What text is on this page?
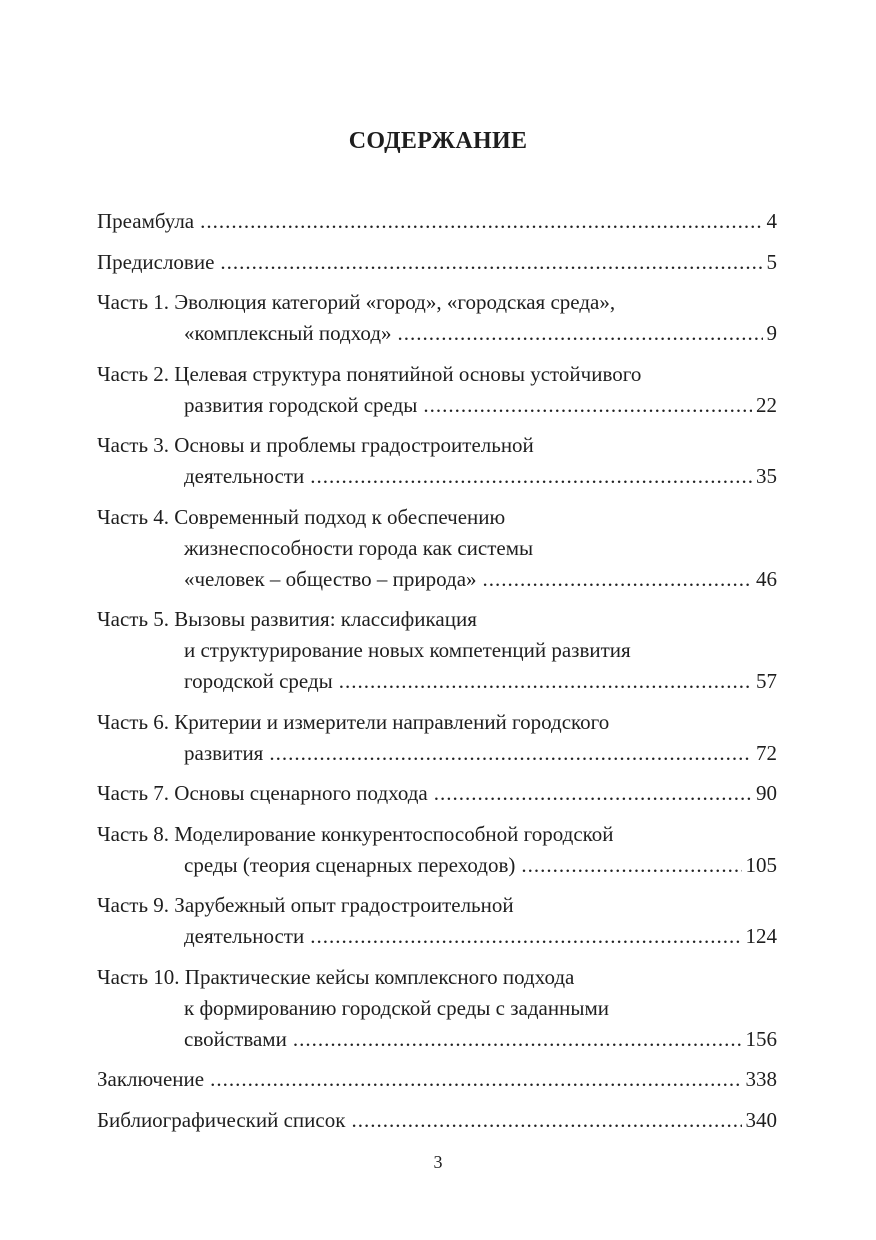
СОДЕРЖАНИЕ
Преамбула .....	4
Предисловие .....	5
Часть 1. Эволюция категорий «город», «городская среда»,
«комплексный подход» .....	9
Часть 2. Целевая структура понятийной основы устойчивого
развития городской среды .....	22
Часть 3. Основы и проблемы градостроительной
деятельности .....	35
Часть 4. Современный подход к обеспечению
жизнеспособности города как системы
«человек – общество – природа» .....	46
Часть 5. Вызовы развития: классификация
и структурирование новых компетенций развития
городской среды .....	57
Часть 6. Критерии и измерители направлений городского
развития .....	72
Часть 7. Основы сценарного подхода .....	90
Часть 8. Моделирование конкурентоспособной городской
среды (теория сценарных переходов) .....	105
Часть 9. Зарубежный опыт градостроительной
деятельности .....	124
Часть 10. Практические кейсы комплексного подхода
к формированию городской среды с заданными
свойствами .....	156
Заключение .....	338
Библиографический список .....	340
3
